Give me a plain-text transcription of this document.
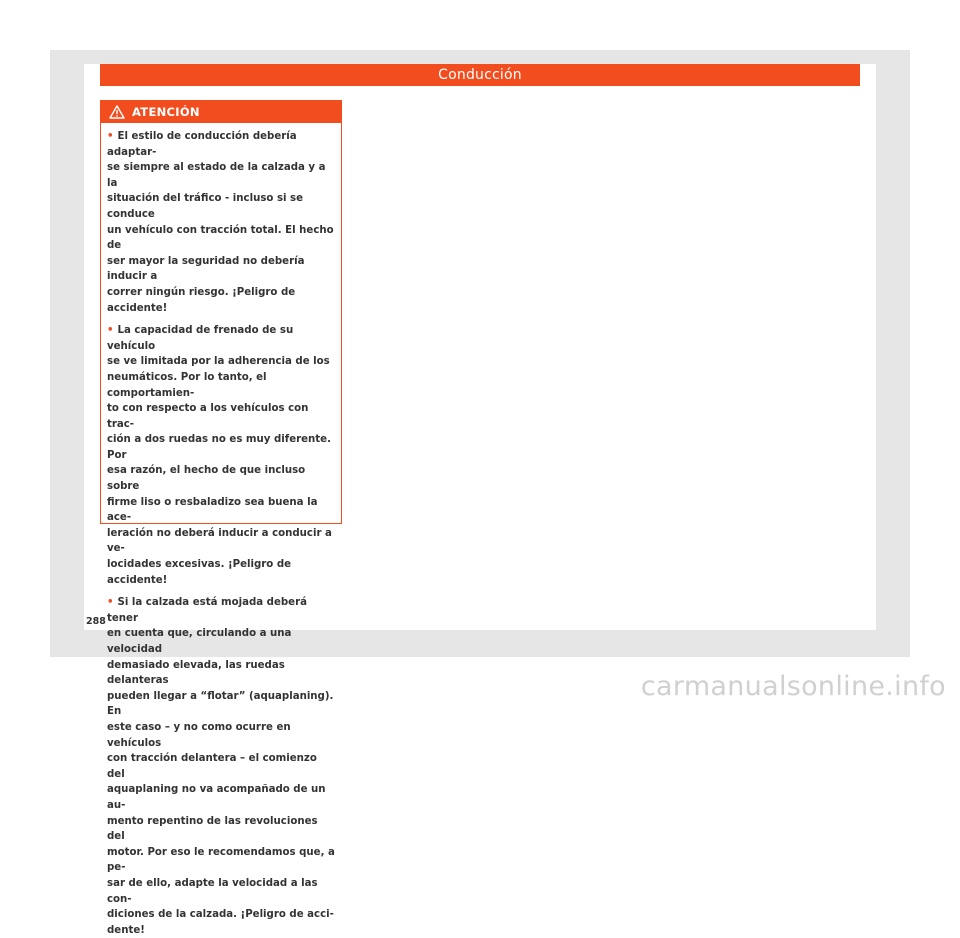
Conducción
ATENCIÓN
• El estilo de conducción debería adaptar-
se siempre al estado de la calzada y a la
situación del tráfico - incluso si se conduce
un vehículo con tracción total. El hecho de
ser mayor la seguridad no debería inducir a
correr ningún riesgo. ¡Peligro de accidente!
• La capacidad de frenado de su vehículo
se ve limitada por la adherencia de los
neumáticos. Por lo tanto, el comportamien-
to con respecto a los vehículos con trac-
ción a dos ruedas no es muy diferente. Por
esa razón, el hecho de que incluso sobre
firme liso o resbaladizo sea buena la ace-
leración no deberá inducir a conducir a ve-
locidades excesivas. ¡Peligro de accidente!
• Si la calzada está mojada deberá tener
en cuenta que, circulando a una velocidad
demasiado elevada, las ruedas delanteras
pueden llegar a “flotar” (aquaplaning). En
este caso – y no como ocurre en vehículos
con tracción delantera – el comienzo del
aquaplaning no va acompañado de un au-
mento repentino de las revoluciones del
motor. Por eso le recomendamos que, a pe-
sar de ello, adapte la velocidad a las con-
diciones de la calzada. ¡Peligro de acci-
dente!
288
carmanualsonline.info
